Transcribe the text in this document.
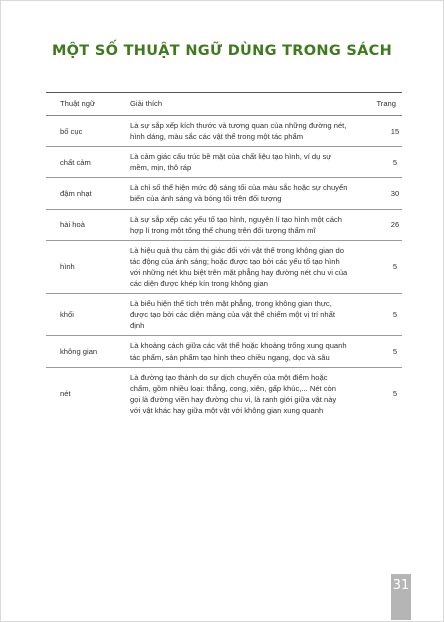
MỘT SỐ THUẬT NGỮ DÙNG TRONG SÁCH
Thuật ngữ	Giải thích	Trang
bố cục	Là sự sắp xếp kích thước và tương quan của những đường nét, hình dáng, màu sắc các vật thể trong một tác phẩm	15
chất cảm	Là cảm giác cấu trúc bề mặt của chất liệu tạo hình, ví dụ sự mềm, mịn, thô ráp	5
đậm nhạt	Là chỉ số thể hiện mức độ sáng tối của màu sắc hoặc sự chuyển biến của ánh sáng và bóng tối trên đối tượng	30
hài hoà	Là sự sắp xếp các yếu tố tạo hình, nguyên lí tạo hình một cách hợp lí trong một tổng thể chung trên đối tượng thẩm mĩ	26
hình	Là hiệu quả thụ cảm thị giác đối với vật thể trong không gian do tác động của ánh sáng; hoặc được tạo bởi các yếu tố tạo hình với những nét khu biệt trên mặt phẳng hay đường nét chu vi của các diện được khép kín trong không gian	5
khối	Là biểu hiện thể tích trên mặt phẳng, trong không gian thực, được tạo bởi các diện mảng của vật thể chiếm một vị trí nhất định	5
không gian	Là khoảng cách giữa các vật thể hoặc khoảng trống xung quanh tác phẩm, sản phẩm tạo hình theo chiều ngang, dọc và sâu	5
nét	Là đường tạo thành do sự dịch chuyển của một điểm hoặc chấm, gồm nhiều loại: thẳng, cong, xiên, gấp khúc,... Nét còn gọi là đường viền hay đường chu vi, là ranh giới giữa vật này với vật khác hay giữa một vật với không gian xung quanh	5
31
